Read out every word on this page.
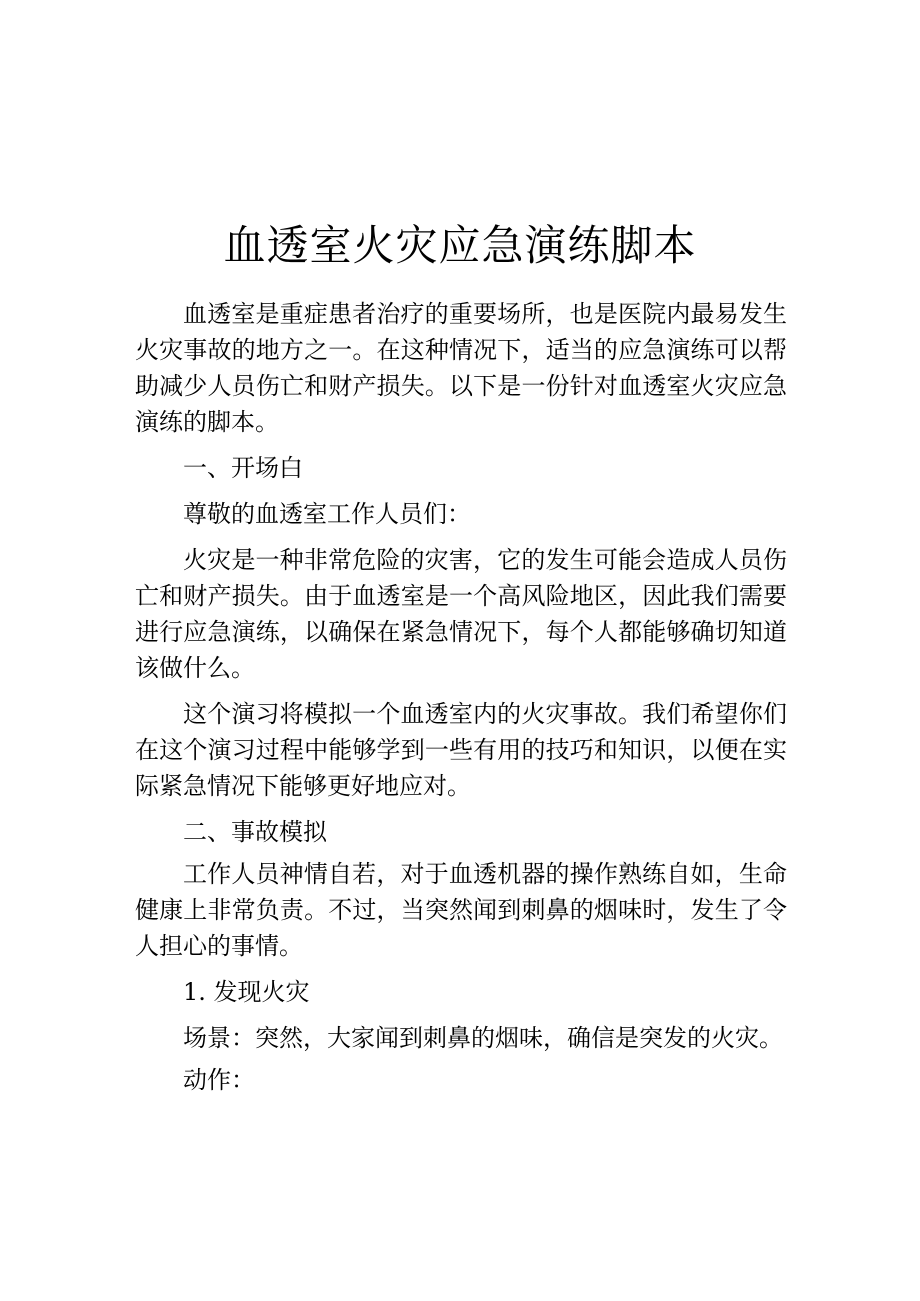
血透室火灾应急演练脚本

血透室是重症患者治疗的重要场所，也是医院内最易发生火灾事故的地方之一。在这种情况下，适当的应急演练可以帮助减少人员伤亡和财产损失。以下是一份针对血透室火灾应急演练的脚本。

一、开场白

尊敬的血透室工作人员们：

火灾是一种非常危险的灾害，它的发生可能会造成人员伤亡和财产损失。由于血透室是一个高风险地区，因此我们需要进行应急演练，以确保在紧急情况下，每个人都能够确切知道该做什么。

这个演习将模拟一个血透室内的火灾事故。我们希望你们在这个演习过程中能够学到一些有用的技巧和知识，以便在实际紧急情况下能够更好地应对。

二、事故模拟

工作人员神情自若，对于血透机器的操作熟练自如，生命健康上非常负责。不过，当突然闻到刺鼻的烟味时，发生了令人担心的事情。

1. 发现火灾

场景：突然，大家闻到刺鼻的烟味，确信是突发的火灾。

动作：
